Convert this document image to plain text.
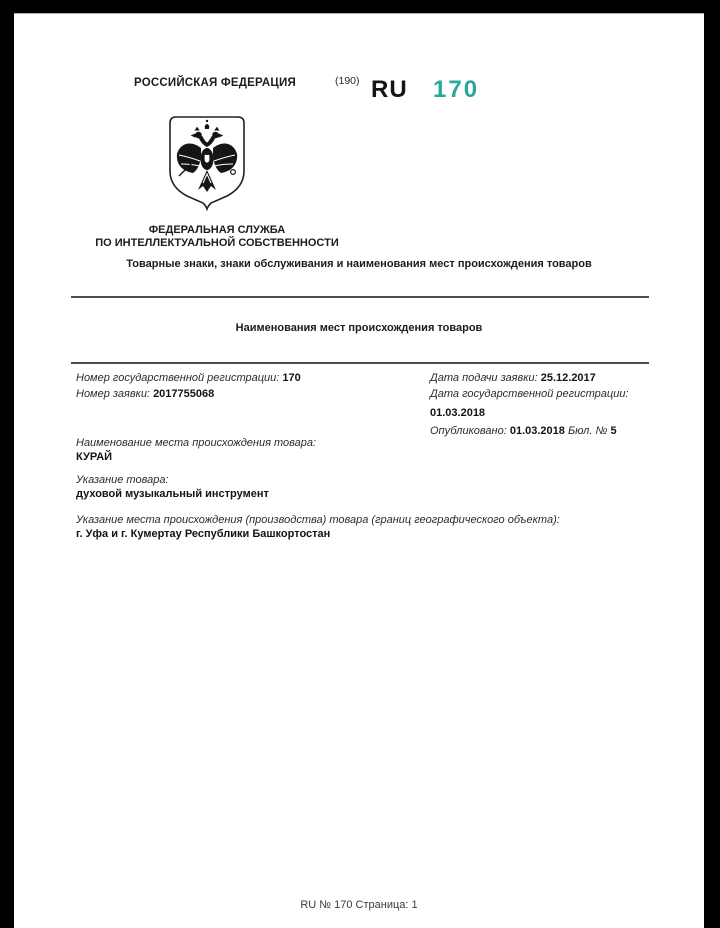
РОССИЙСКАЯ ФЕДЕРАЦИЯ	(190) RU 170
ФЕДЕРАЛЬНАЯ СЛУЖБА
ПО ИНТЕЛЛЕКТУАЛЬНОЙ СОБСТВЕННОСТИ
Товарные знаки, знаки обслуживания и наименования мест происхождения товаров
Наименования мест происхождения товаров
Номер государственной регистрации: 170
Номер заявки: 2017755068
Дата подачи заявки: 25.12.2017
Дата государственной регистрации:
01.03.2018
Опубликовано: 01.03.2018 Бюл. № 5
Наименование места происхождения товара:
КУРАЙ
Указание товара:
духовой музыкальный инструмент
Указание места происхождения (производства) товара (границ географического объекта):
г. Уфа и г. Кумертау Республики Башкортостан
RU № 170 Страница: 1
